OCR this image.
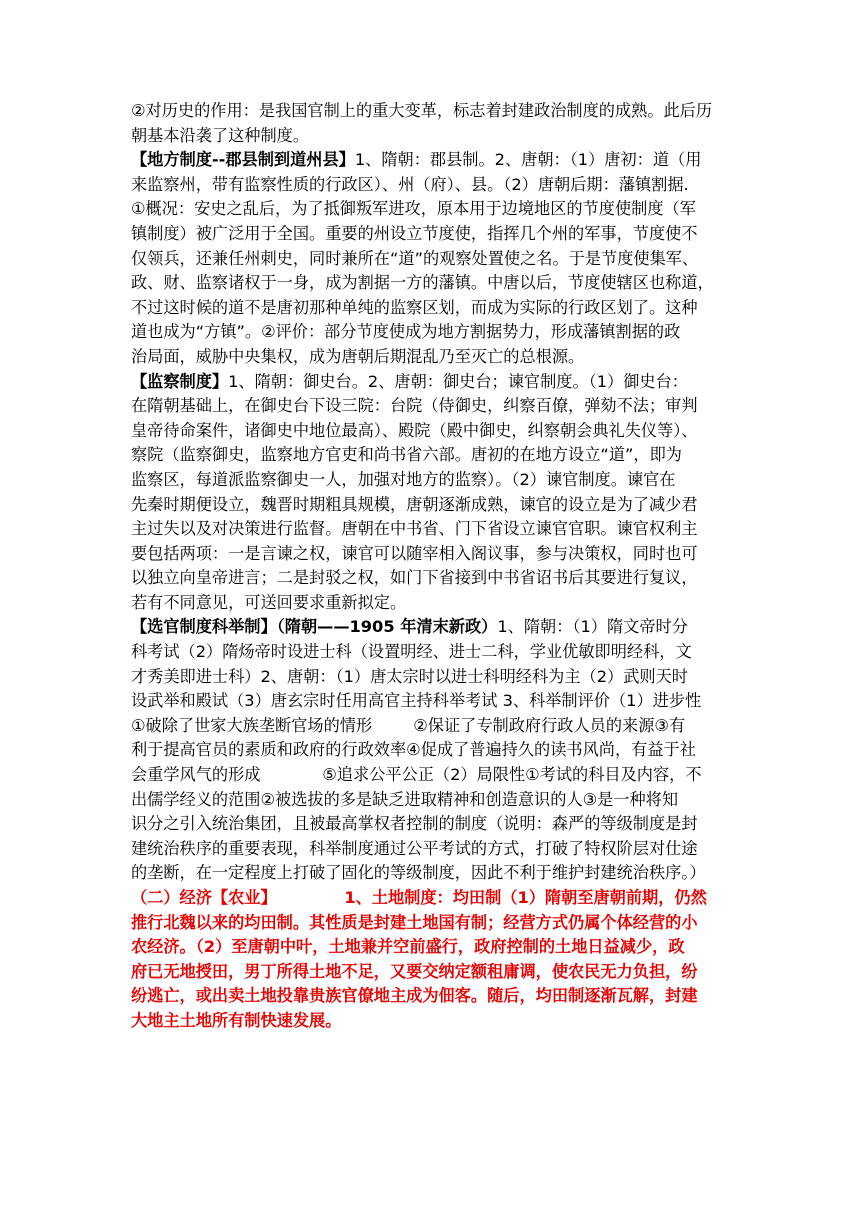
②对历史的作用：是我国官制上的重大变革，标志着封建政治制度的成熟。此后历
朝基本沿袭了这种制度。
【地方制度--郡县制到道州县】1、隋朝：郡县制。2、唐朝：（1）唐初：道（用
来监察州，带有监察性质的行政区）、州（府）、县。（2）唐朝后期：藩镇割据.
①概况：安史之乱后，为了抵御叛军进攻，原本用于边境地区的节度使制度（军
镇制度）被广泛用于全国。重要的州设立节度使，指挥几个州的军事，节度使不
仅领兵，还兼任州刺史，同时兼所在“道”的观察处置使之名。于是节度使集军、
政、财、监察诸权于一身，成为割据一方的藩镇。中唐以后，节度使辖区也称道，
不过这时候的道不是唐初那种单纯的监察区划，而成为实际的行政区划了。这种
道也成为“方镇”。②评价：部分节度使成为地方割据势力，形成藩镇割据的政
治局面，威胁中央集权，成为唐朝后期混乱乃至灭亡的总根源。
【监察制度】1、隋朝：御史台。2、唐朝：御史台；谏官制度。（1）御史台：
在隋朝基础上，在御史台下设三院：台院（侍御史，纠察百僚，弹劾不法；审判
皇帝待命案件，诸御史中地位最高）、殿院（殿中御史，纠察朝会典礼失仪等）、
察院（监察御史，监察地方官吏和尚书省六部。唐初的在地方设立“道”，即为
监察区，每道派监察御史一人，加强对地方的监察）。（2）谏官制度。谏官在
先秦时期便设立，魏晋时期粗具规模，唐朝逐渐成熟，谏官的设立是为了减少君
主过失以及对决策进行监督。唐朝在中书省、门下省设立谏官官职。谏官权利主
要包括两项：一是言谏之权，谏官可以随宰相入阁议事，参与决策权，同时也可
以独立向皇帝进言；二是封驳之权，如门下省接到中书省诏书后其要进行复议，
若有不同意见，可送回要求重新拟定。
【选官制度科举制】（隋朝——1905 年清末新政）1、隋朝：（1）隋文帝时分
科考试（2）隋炀帝时设进士科（设置明经、进士二科，学业优敏即明经科，文
才秀美即进士科）2、唐朝：（1）唐太宗时以进士科明经科为主（2）武则天时
设武举和殿试（3）唐玄宗时任用高官主持科举考试 3、科举制评价（1）进步性
①破除了世家大族垄断官场的情形        ②保证了专制政府行政人员的来源③有
利于提高官员的素质和政府的行政效率④促成了普遍持久的读书风尚，有益于社
会重学风气的形成            ⑤追求公平公正（2）局限性①考试的科目及内容，不
出儒学经义的范围②被选拔的多是缺乏进取精神和创造意识的人③是一种将知
识分之引入统治集团，且被最高掌权者控制的制度（说明：森严的等级制度是封
建统治秩序的重要表现，科举制度通过公平考试的方式，打破了特权阶层对仕途
的垄断，在一定程度上打破了固化的等级制度，因此不利于维护封建统治秩序。）
（二）经济【农业】            1、土地制度：均田制（1）隋朝至唐朝前期，仍然
推行北魏以来的均田制。其性质是封建土地国有制；经营方式仍属个体经营的小
农经济。（2）至唐朝中叶，土地兼并空前盛行，政府控制的土地日益减少，政
府已无地授田，男丁所得土地不足，又要交纳定额租庸调，使农民无力负担，纷
纷逃亡，或出卖土地投靠贵族官僚地主成为佃客。随后，均田制逐渐瓦解，封建
大地主土地所有制快速发展。
